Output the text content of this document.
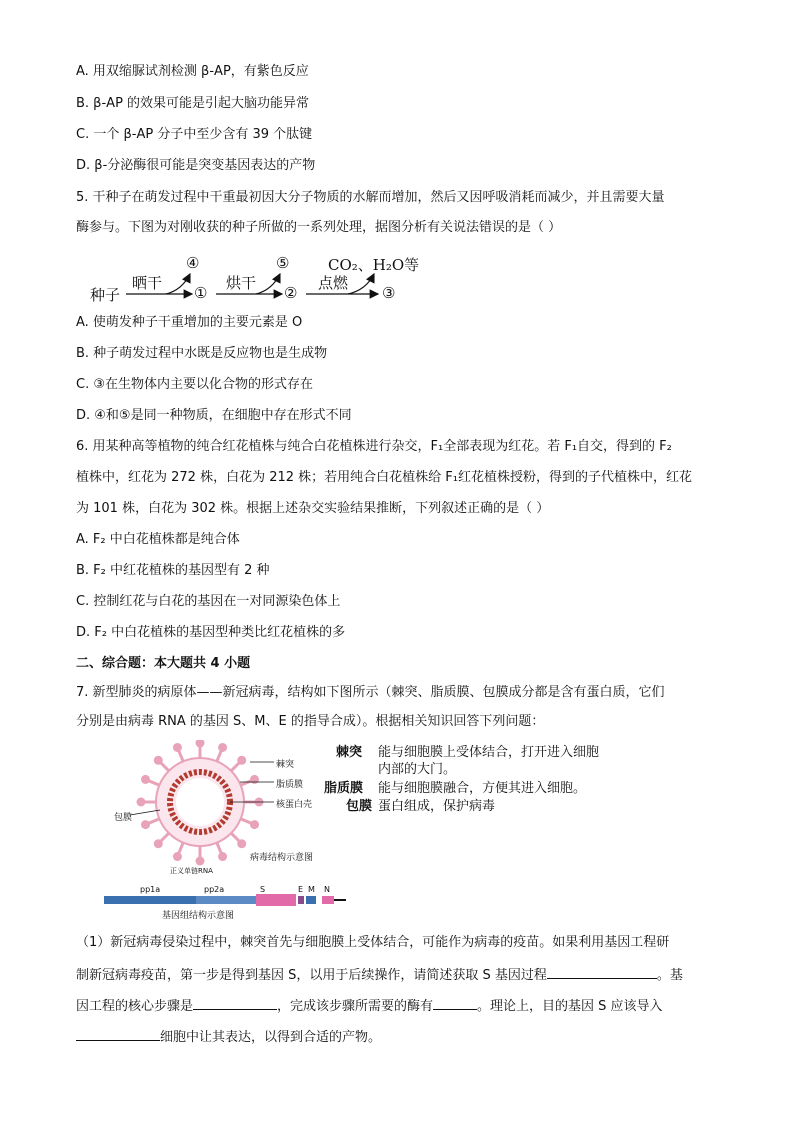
A. 用双缩脲试剂检测 β-AP，有紫色反应
B. β-AP 的效果可能是引起大脑功能异常
C. 一个 β-AP 分子中至少含有 39 个肽键
D. β-分泌酶很可能是突变基因表达的产物
5. 干种子在萌发过程中干重最初因大分子物质的水解而增加，然后又因呼吸消耗而减少，并且需要大量
酶参与。下图为对刚收获的种子所做的一系列处理，据图分析有关说法错误的是（ ）
种子
晒干
①
④
烘干
②
⑤
点燃
CO₂、H₂O等
③
A. 使萌发种子干重增加的主要元素是 O
B. 种子萌发过程中水既是反应物也是生成物
C. ③在生物体内主要以化合物的形式存在
D. ④和⑤是同一种物质，在细胞中存在形式不同
6. 用某种高等植物的纯合红花植株与纯合白花植株进行杂交，F₁全部表现为红花。若 F₁自交，得到的 F₂
植株中，红花为 272 株，白花为 212 株；若用纯合白花植株给 F₁红花植株授粉，得到的子代植株中，红花
为 101 株，白花为 302 株。根据上述杂交实验结果推断，下列叙述正确的是（ ）
A. F₂ 中白花植株都是纯合体
B. F₂ 中红花植株的基因型有 2 种
C. 控制红花与白花的基因在一对同源染色体上
D. F₂ 中白花植株的基因型种类比红花植株的多
二、综合题：本大题共 4 小题
7. 新型肺炎的病原体——新冠病毒，结构如下图所示（棘突、脂质膜、包膜成分都是含有蛋白质，它们
分别是由病毒 RNA 的基因 S、M、E 的指导合成）。根据相关知识回答下列问题：
棘突
脂质膜
核蛋白壳
包膜
病毒结构示意图
正义单链RNA
pp1a	pp2a	S	E M N
基因组结构示意图
棘突 能与细胞膜上受体结合，打开进入细胞
内部的大门。
脂质膜 能与细胞膜融合，方便其进入细胞。
包膜 蛋白组成，保护病毒
（1）新冠病毒侵染过程中，棘突首先与细胞膜上受体结合，可能作为病毒的疫苗。如果利用基因工程研
制新冠病毒疫苗，第一步是得到基因 S，以用于后续操作，请简述获取 S 基因过程	。基
因工程的核心步骤是	，完成该步骤所需要的酶有	。理论上，目的基因 S 应该导入
细胞中让其表达，以得到合适的产物。
